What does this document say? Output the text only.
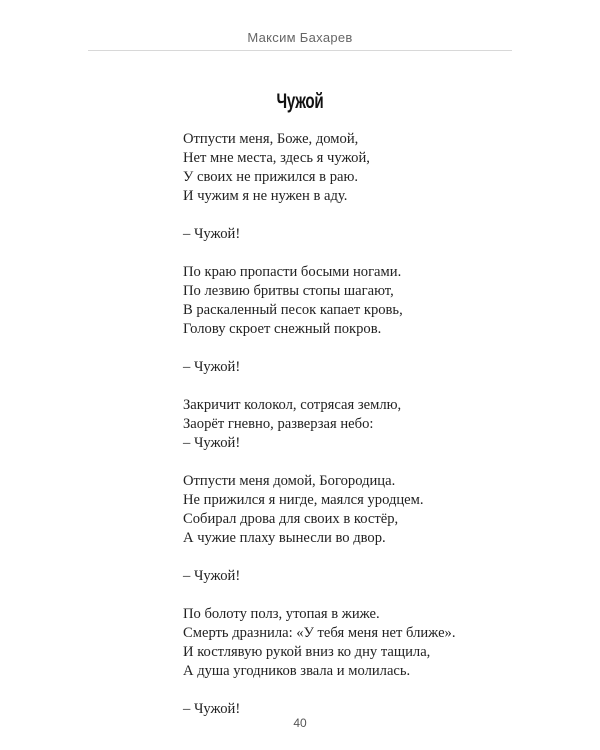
Максим Бахарев
Чужой
Отпусти меня, Боже, домой,
Нет мне места, здесь я чужой,
У своих не прижился в раю.
И чужим я не нужен в аду.
– Чужой!
По краю пропасти босыми ногами.
По лезвию бритвы стопы шагают,
В раскаленный песок капает кровь,
Голову скроет снежный покров.
– Чужой!
Закричит колокол, сотрясая землю,
Заорёт гневно, разверзая небо:
– Чужой!
Отпусти меня домой, Богородица.
Не прижился я нигде, маялся уродцем.
Собирал дрова для своих в костёр,
А чужие плаху вынесли во двор.
– Чужой!
По болоту полз, утопая в жиже.
Смерть дразнила: «У тебя меня нет ближе».
И костлявую рукой вниз ко дну тащила,
А душа угодников звала и молилась.
– Чужой!
40
